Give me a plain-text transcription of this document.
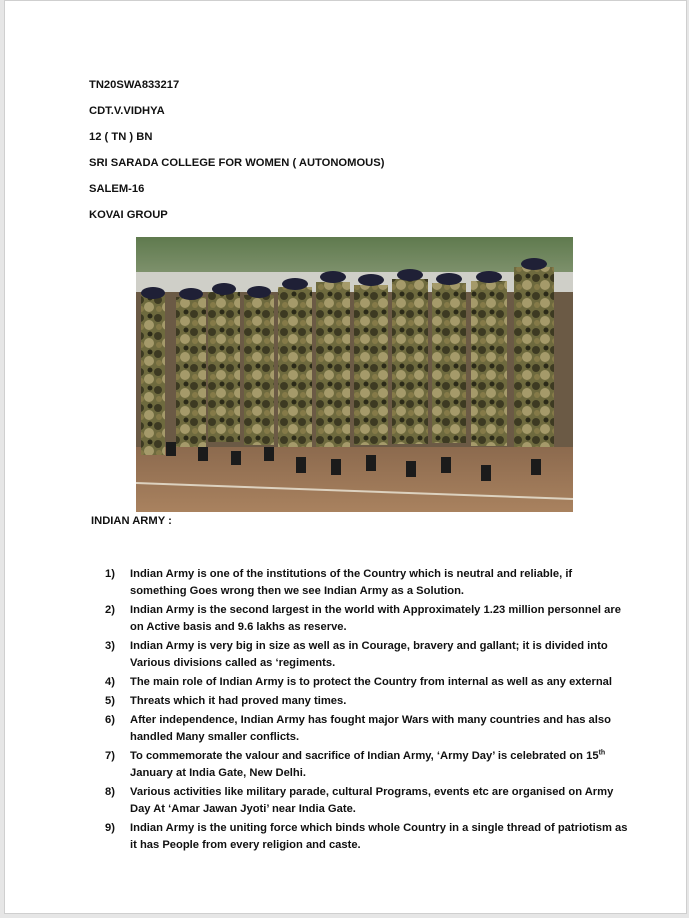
TN20SWA833217
CDT.V.VIDHYA
12 ( TN ) BN
SRI SARADA COLLEGE FOR WOMEN ( AUTONOMOUS)
SALEM-16
KOVAI GROUP
INDIAN ARMY :
1)	Indian Army is one of the institutions of the Country which is neutral and reliable, if
something Goes wrong then we see Indian Army as a Solution.
2)	Indian Army is the second largest in the world with Approximately 1.23 million personnel are
on Active basis and 9.6 lakhs as reserve.
3)	Indian Army is very big in size as well as in Courage, bravery and gallant; it is divided into
Various divisions called as ‘regiments.
4)	The main role of Indian Army is to protect the Country from internal as well as any external
5)	Threats which it had proved many times.
6)	After independence, Indian Army has fought major Wars with many countries and has also
handled Many smaller conflicts.
7)	To commemorate the valour and sacrifice of Indian Army, ‘Army Day’ is celebrated on 15th
January at India Gate, New Delhi.
8)	Various activities like military parade, cultural Programs, events etc are organised on Army
Day At ‘Amar Jawan Jyoti’ near India Gate.
9)	Indian Army is the uniting force which binds whole Country in a single thread of patriotism as
it has People from every religion and caste.
